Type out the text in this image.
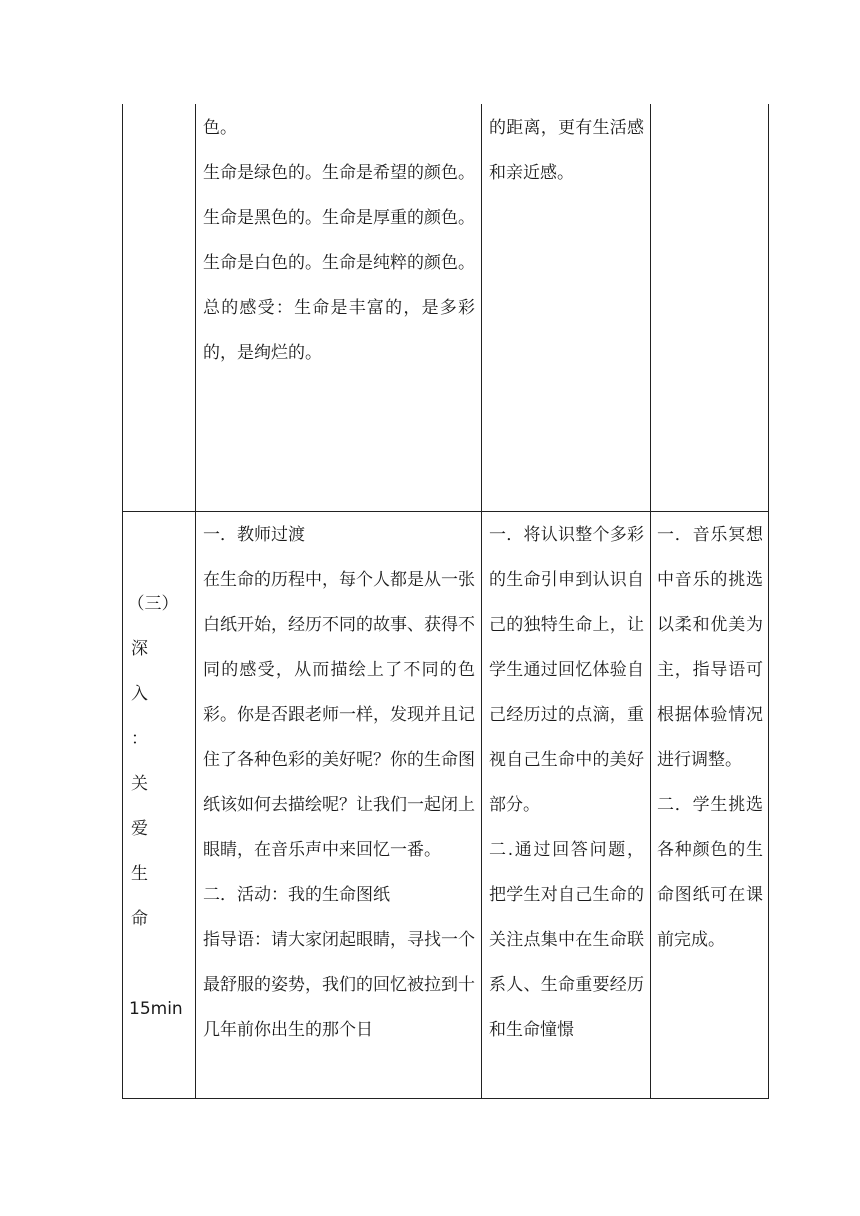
色。

生命是绿色的。生命是希望的颜色。

生命是黑色的。生命是厚重的颜色。

生命是白色的。生命是纯粹的颜色。

总的感受：生命是丰富的，是多彩的，是绚烂的。

的距离，更有生活感和亲近感。

（三）
深
入
：
关
爱
生
命
15min

一．教师过渡

在生命的历程中，每个人都是从一张白纸开始，经历不同的故事、获得不同的感受，从而描绘上了不同的色彩。你是否跟老师一样，发现并且记住了各种色彩的美好呢？你的生命图纸该如何去描绘呢？让我们一起闭上眼睛，在音乐声中来回忆一番。

二．活动：我的生命图纸

指导语：请大家闭起眼睛，寻找一个最舒服的姿势，我们的回忆被拉到十几年前你出生的那个日

一．将认识整个多彩的生命引申到认识自己的独特生命上，让学生通过回忆体验自己经历过的点滴，重视自己生命中的美好部分。

二.通过回答问题，把学生对自己生命的关注点集中在生命联系人、生命重要经历和生命憧憬

一．音乐冥想中音乐的挑选以柔和优美为主，指导语可根据体验情况进行调整。

二．学生挑选各种颜色的生命图纸可在课前完成。
